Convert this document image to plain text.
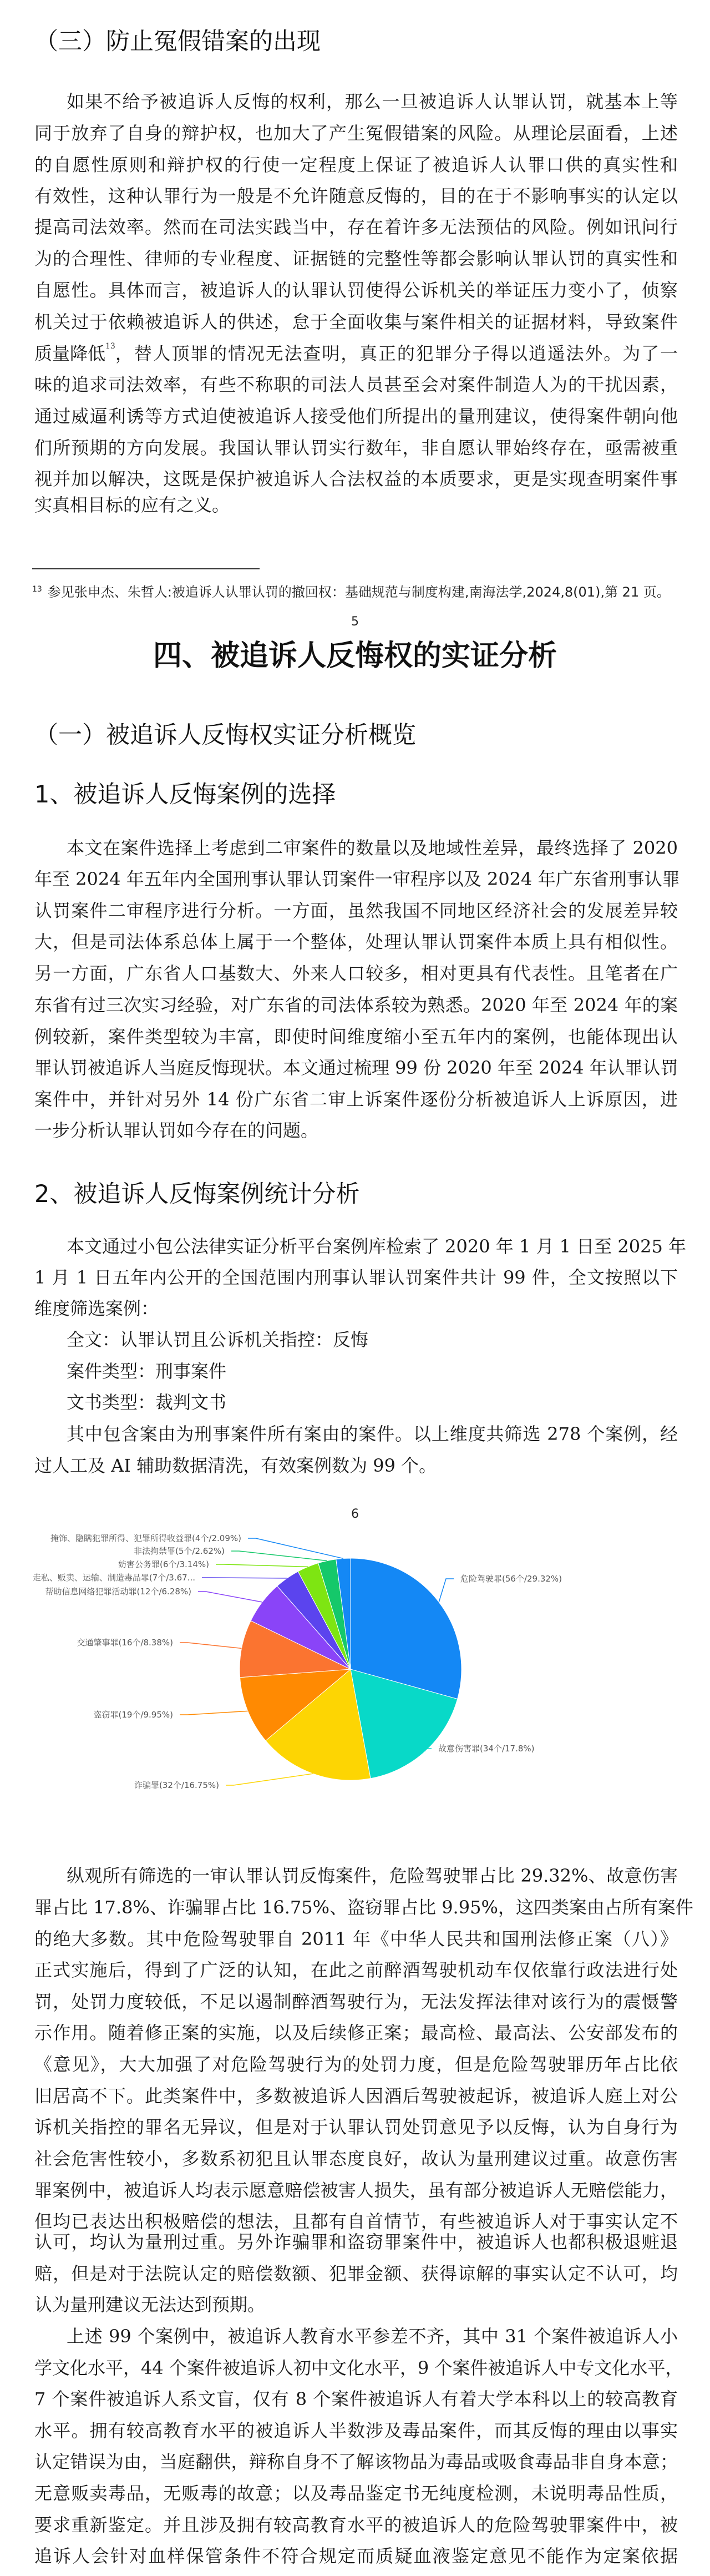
（三）防止冤假错案的出现
如果不给予被追诉人反悔的权利，那么一旦被追诉人认罪认罚，就基本上等
同于放弃了自身的辩护权，也加大了产生冤假错案的风险。从理论层面看，上述
的自愿性原则和辩护权的行使一定程度上保证了被追诉人认罪口供的真实性和
有效性，这种认罪行为一般是不允许随意反悔的，目的在于不影响事实的认定以
提高司法效率。然而在司法实践当中，存在着许多无法预估的风险。例如讯问行
为的合理性、律师的专业程度、证据链的完整性等都会影响认罪认罚的真实性和
自愿性。具体而言，被追诉人的认罪认罚使得公诉机关的举证压力变小了，侦察
机关过于依赖被追诉人的供述，怠于全面收集与案件相关的证据材料，导致案件
质量降低 13 ，替人顶罪的情况无法查明，真正的犯罪分子得以逍遥法外。为了一
味的追求司法效率，有些不称职的司法人员甚至会对案件制造人为的干扰因素，
通过威逼利诱等方式迫使被追诉人接受他们所提出的量刑建议，使得案件朝向他
们所预期的方向发展。我国认罪认罚实行数年，非自愿认罪始终存在，亟需被重
视并加以解决，这既是保护被追诉人合法权益的本质要求，更是实现查明案件事
实真相目标的应有之义。
$^{13}$ 参见张申杰、朱哲人:被追诉人认罪认罚的撤回权：基础规范与制度构建,南海法学,2024,8(01),第 21 页。
5
四、被追诉人反悔权的实证分析
（一）被追诉人反悔权实证分析概览
1、被追诉人反悔案例的选择
本文在案件选择上考虑到二审案件的数量以及地域性差异，最终选择了 2020
年至 2024 年五年内全国刑事认罪认罚案件一审程序以及 2024 年广东省刑事认罪
认罚案件二审程序进行分析。一方面，虽然我国不同地区经济社会的发展差异较
大，但是司法体系总体上属于一个整体，处理认罪认罚案件本质上具有相似性。
另一方面，广东省人口基数大、外来人口较多，相对更具有代表性。且笔者在广
东省有过三次实习经验，对广东省的司法体系较为熟悉。2020 年至 2024 年的案
例较新，案件类型较为丰富，即使时间维度缩小至五年内的案例，也能体现出认
罪认罚被追诉人当庭反悔现状。本文通过梳理 99 份 2020 年至 2024 年认罪认罚
案件中，并针对另外 14 份广东省二审上诉案件逐份分析被追诉人上诉原因，进
一步分析认罪认罚如今存在的问题。
2、被追诉人反悔案例统计分析
本文通过小包公法律实证分析平台案例库检索了 2020 年 1 月 1 日至 2025 年
1 月 1 日五年内公开的全国范围内刑事认罪认罚案件共计 99 件，全文按照以下
维度筛选案例：
全文：认罪认罚且公诉机关指控：反悔
案件类型：刑事案件
文书类型：裁判文书
其中包含案由为刑事案件所有案由的案件。以上维度共筛选 278 个案例，经
过人工及 AI 辅助数据清洗，有效案例数为 99 个。
6
危险驾驶罪(56个/29.32%)
故意伤害罪(34个/17.8%)
诈骗罪(32个/16.75%)
盗窃罪(19个/9.95%)
交通肇事罪(16个/8.38%)
帮助信息网络犯罪活动罪(12个/6.28%)
走私、贩卖、运输、制造毒品罪(7个/3.67...
妨害公务罪(6个/3.14%)
非法拘禁罪(5个/2.62%)
掩饰、隐瞒犯罪所得、犯罪所得收益罪(4个/2.09%)
纵观所有筛选的一审认罪认罚反悔案件，危险驾驶罪占比 29.32%、故意伤害
罪占比 17.8%、诈骗罪占比 16.75%、盗窃罪占比 9.95%，这四类案由占所有案件
的绝大多数。其中危险驾驶罪自 2011 年《中华人民共和国刑法修正案（八）》
正式实施后，得到了广泛的认知，在此之前醉酒驾驶机动车仅依靠行政法进行处
罚，处罚力度较低，不足以遏制醉酒驾驶行为，无法发挥法律对该行为的震慑警
示作用。随着修正案的实施，以及后续修正案；最高检、最高法、公安部发布的
《意见》，大大加强了对危险驾驶行为的处罚力度，但是危险驾驶罪历年占比依
旧居高不下。此类案件中，多数被追诉人因酒后驾驶被起诉，被追诉人庭上对公
诉机关指控的罪名无异议，但是对于认罪认罚处罚意见予以反悔，认为自身行为
社会危害性较小，多数系初犯且认罪态度良好，故认为量刑建议过重。故意伤害
罪案例中，被追诉人均表示愿意赔偿被害人损失，虽有部分被追诉人无赔偿能力，
但均已表达出积极赔偿的想法，且都有自首情节，有些被追诉人对于事实认定不
认可，均认为量刑过重。另外诈骗罪和盗窃罪案件中，被追诉人也都积极退赃退
赔，但是对于法院认定的赔偿数额、犯罪金额、获得谅解的事实认定不认可，均
认为量刑建议无法达到预期。
上述 99 个案例中，被追诉人教育水平参差不齐，其中 31 个案件被追诉人小
学文化水平，44 个案件被追诉人初中文化水平，9 个案件被追诉人中专文化水平，
7 个案件被追诉人系文盲，仅有 8 个案件被追诉人有着大学本科以上的较高教育
水平。拥有较高教育水平的被追诉人半数涉及毒品案件，而其反悔的理由以事实
认定错误为由，当庭翻供，辩称自身不了解该物品为毒品或吸食毒品非自身本意；
无意贩卖毒品，无贩毒的故意；以及毒品鉴定书无纯度检测，未说明毒品性质，
要求重新鉴定。并且涉及拥有较高教育水平的被追诉人的危险驾驶罪案件中，被
追诉人会针对血样保管条件不符合规定而质疑血液鉴定意见不能作为定案依据
